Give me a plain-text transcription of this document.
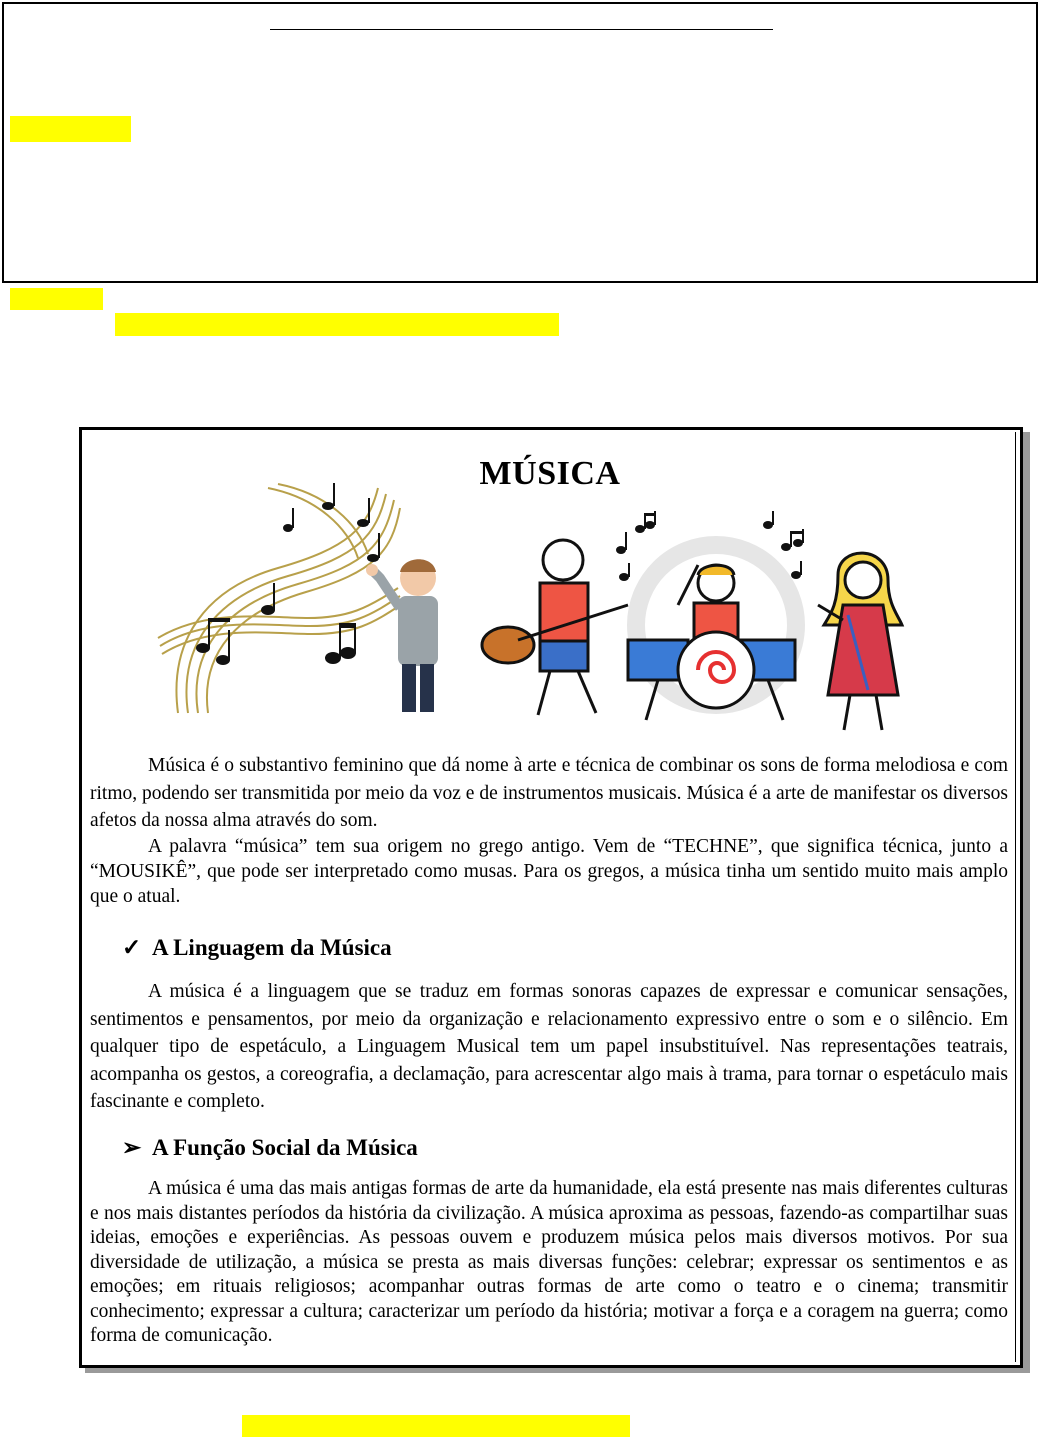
MÚSICA
Música é o substantivo feminino que dá nome à arte e técnica de combinar os sons de forma melodiosa e com ritmo, podendo ser transmitida por meio da voz e de instrumentos musicais. Música é a arte de manifestar os diversos afetos da nossa alma através do som.
A palavra “música” tem sua origem no grego antigo. Vem de “TECHNE”, que significa técnica, junto a “MOUSIKÊ”, que pode ser interpretado como musas. Para os gregos, a música tinha um sentido muito mais amplo que o atual.
✓ A Linguagem da Música
A música é a linguagem que se traduz em formas sonoras capazes de expressar e comunicar sensações, sentimentos e pensamentos, por meio da organização e relacionamento expressivo entre o som e o silêncio. Em qualquer tipo de espetáculo, a Linguagem Musical tem um papel insubstituível. Nas representações teatrais, acompanha os gestos, a coreografia, a declamação, para acrescentar algo mais à trama, para tornar o espetáculo mais fascinante e completo.
➢ A Função Social da Música
A música é uma das mais antigas formas de arte da humanidade, ela está presente nas mais diferentes culturas e nos mais distantes períodos da história da civilização. A música aproxima as pessoas, fazendo-as compartilhar suas ideias, emoções e experiências. As pessoas ouvem e produzem música pelos mais diversos motivos. Por sua diversidade de utilização, a música se presta as mais diversas funções: celebrar; expressar os sentimentos e as emoções; em rituais religiosos; acompanhar outras formas de arte como o teatro e o cinema; transmitir conhecimento; expressar a cultura; caracterizar um período da história; motivar a força e a coragem na guerra; como forma de comunicação.
